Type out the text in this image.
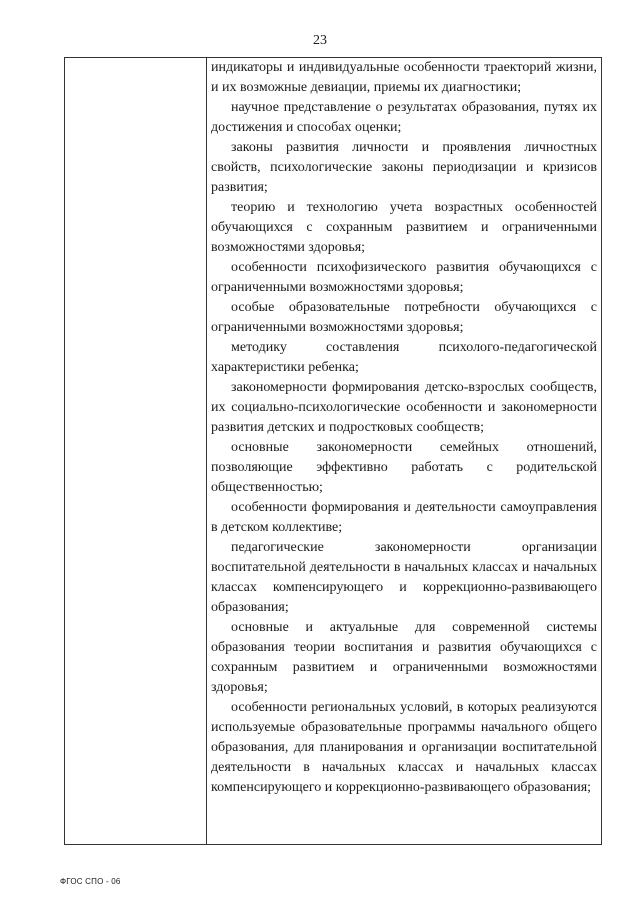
23

индикаторы и индивидуальные особенности траекторий жизни, и их возможные девиации, приемы их диагностики;

научное представление о результатах образования, путях их достижения и способах оценки;

законы развития личности и проявления личностных свойств, психологические законы периодизации и кризисов развития;

теорию и технологию учета возрастных особенностей обучающихся с сохранным развитием и ограниченными возможностями здоровья;

особенности психофизического развития обучающихся с ограниченными возможностями здоровья;

особые образовательные потребности обучающихся с ограниченными возможностями здоровья;

методику составления психолого-педагогической характеристики ребенка;

закономерности формирования детско-взрослых сообществ, их социально-психологические особенности и закономерности развития детских и подростковых сообществ;

основные закономерности семейных отношений, позволяющие эффективно работать с родительской общественностью;

особенности формирования и деятельности самоуправления в детском коллективе;

педагогические закономерности организации воспитательной деятельности в начальных классах и начальных классах компенсирующего и коррекционно-развивающего образования;

основные и актуальные для современной системы образования теории воспитания и развития обучающихся с сохранным развитием и ограниченными возможностями здоровья;

особенности региональных условий, в которых реализуются используемые образовательные программы начального общего образования, для планирования и организации воспитательной деятельности в начальных классах и начальных классах компенсирующего и коррекционно-развивающего образования;

ФГОС СПО - 06
